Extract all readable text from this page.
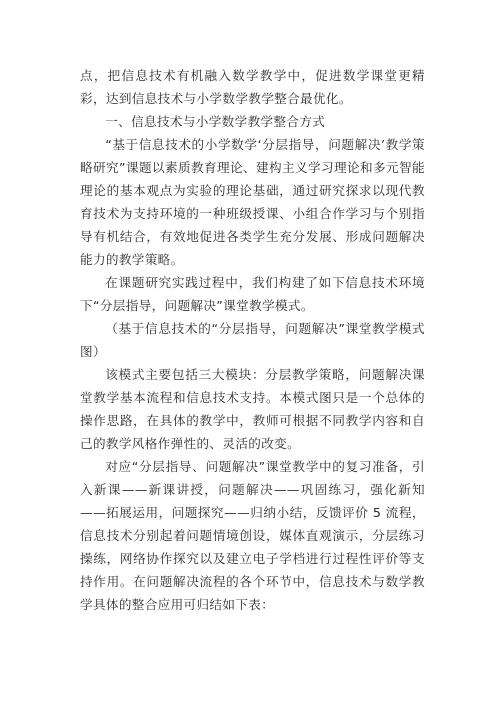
点，把信息技术有机融入数学教学中，促进数学课堂更精彩，达到信息技术与小学数学教学整合最优化。

一、信息技术与小学数学教学整合方式

“基于信息技术的小学数学‘分层指导，问题解决’教学策略研究”课题以素质教育理论、建构主义学习理论和多元智能理论的基本观点为实验的理论基础，通过研究探求以现代教育技术为支持环境的一种班级授课、小组合作学习与个别指导有机结合，有效地促进各类学生充分发展、形成问题解决能力的教学策略。

在课题研究实践过程中，我们构建了如下信息技术环境下“分层指导，问题解决”课堂教学模式。

（基于信息技术的“分层指导，问题解决”课堂教学模式图）

该模式主要包括三大模块：分层教学策略，问题解决课堂教学基本流程和信息技术支持。本模式图只是一个总体的操作思路，在具体的教学中，教师可根据不同教学内容和自己的教学风格作弹性的、灵活的改变。

对应“分层指导、问题解决”课堂教学中的复习准备，引入新课——新课讲授，问题解决——巩固练习，强化新知——拓展运用，问题探究——归纳小结，反馈评价 5 流程，信息技术分别起着问题情境创设，媒体直观演示，分层练习操练，网络协作探究以及建立电子学档进行过程性评价等支持作用。在问题解决流程的各个环节中，信息技术与数学教学具体的整合应用可归结如下表：
